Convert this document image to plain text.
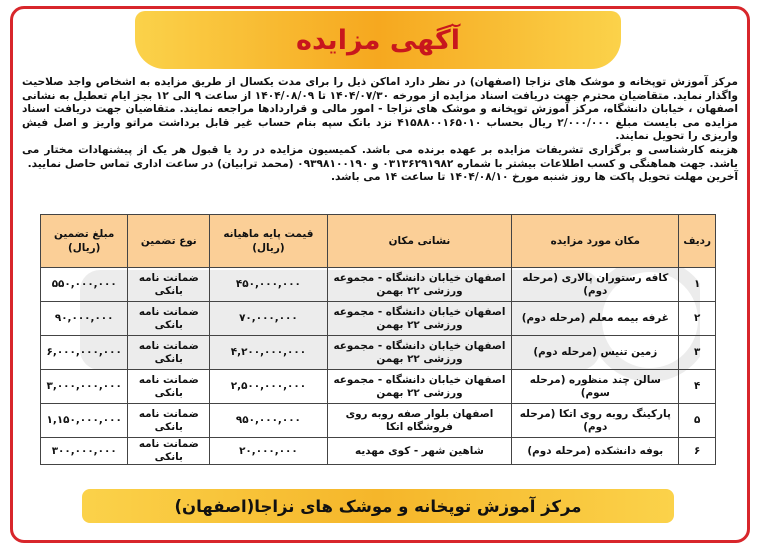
آگهی مزایده

مرکز آموزش توپخانه و موشک های نزاجا (اصفهان) در نظر دارد اماکن ذیل را برای مدت یکسال از طریق مزایده به اشخاص واجد صلاحیت واگذار نماید. متقاضیان محترم جهت دریافت اسناد مزایده از مورخه ۱۴۰۴/۰۷/۳۰ تا ۱۴۰۴/۰۸/۰۹ از ساعت ۹ الی ۱۲ بجز ایام تعطیل به نشانی اصفهان ، خیابان دانشگاه، مرکز آموزش توپخانه و موشک های نزاجا - امور مالی و قراردادها مراجعه نمایند. متقاضیان جهت دریافت اسناد مزایده می بایست مبلغ ۲/۰۰۰/۰۰۰ ریال بحساب ۴۱۵۸۸۰۰۱۶۵۰۱۰ نزد بانک سپه بنام حساب غیر قابل برداشت مراتو واریز و اصل فیش واریزی را تحویل نمایند.

هزینه کارشناسی و برگزاری تشریفات مزایده بر عهده برنده می باشد. کمیسیون مزایده در رد یا قبول هر یک از پیشنهادات مختار می باشد. جهت هماهنگی و کسب اطلاعات بیشتر با شماره ۰۳۱۳۶۲۹۱۹۸۲ و ۰۹۳۹۸۱۰۰۱۹۰ (محمد ترابیان) در ساعت اداری تماس حاصل نمایید.

آخرین مهلت تحویل پاکت ها روز شنبه مورخ ۱۴۰۴/۰۸/۱۰ تا ساعت ۱۴ می باشد.

ردیف	مکان مورد مزایده	نشانی مکان	قیمت پایه ماهیانه (ریال)	نوع تضمین	مبلغ تضمین (ریال)
۱	کافه رستوران پالاری (مرحله دوم)	اصفهان خیابان دانشگاه - مجموعه ورزشی ۲۲ بهمن	۴۵۰,۰۰۰,۰۰۰	ضمانت نامه بانکی	۵۵۰,۰۰۰,۰۰۰
۲	غرفه بیمه معلم (مرحله دوم)	اصفهان خیابان دانشگاه - مجموعه ورزشی ۲۲ بهمن	۷۰,۰۰۰,۰۰۰	ضمانت نامه بانکی	۹۰,۰۰۰,۰۰۰
۳	زمین تنیس (مرحله دوم)	اصفهان خیابان دانشگاه - مجموعه ورزشی ۲۲ بهمن	۴,۲۰۰,۰۰۰,۰۰۰	ضمانت نامه بانکی	۶,۰۰۰,۰۰۰,۰۰۰
۴	سالن چند منظوره (مرحله سوم)	اصفهان خیابان دانشگاه - مجموعه ورزشی ۲۲ بهمن	۲,۵۰۰,۰۰۰,۰۰۰	ضمانت نامه بانکی	۳,۰۰۰,۰۰۰,۰۰۰
۵	پارکینگ روبه روی اتکا (مرحله دوم)	اصفهان بلوار صفه روبه روی فروشگاه اتکا	۹۵۰,۰۰۰,۰۰۰	ضمانت نامه بانکی	۱,۱۵۰,۰۰۰,۰۰۰
۶	بوفه دانشکده (مرحله دوم)	شاهین شهر - کوی مهدیه	۲۰,۰۰۰,۰۰۰	ضمانت نامه بانکی	۳۰۰,۰۰۰,۰۰۰
مرکز آموزش توپخانه و موشک های نزاجا(اصفهان)
